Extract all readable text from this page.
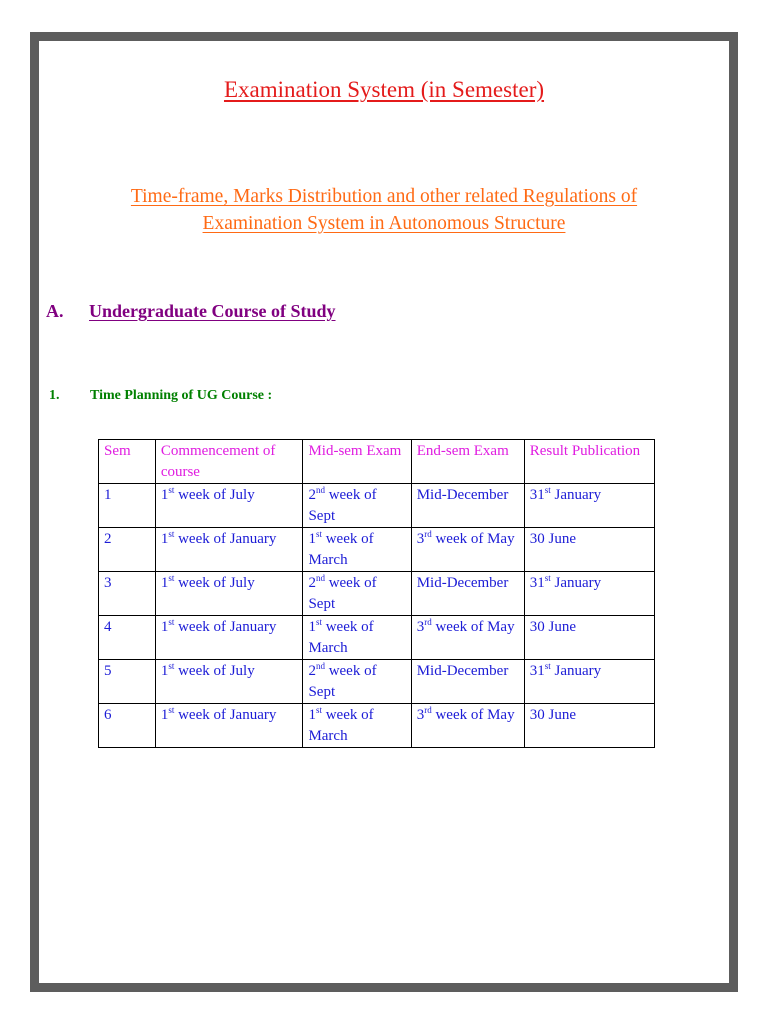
Examination System (in Semester)
Time-frame, Marks Distribution and other related Regulations of
Examination System in Autonomous Structure
A. Undergraduate Course of Study
1. Time Planning of UG Course :
Sem	Commencement of course	Mid-sem Exam	End-sem Exam	Result Publication
1	1st week of July	2nd week of Sept	Mid-December	31st January
2	1st week of January	1st week of March	3rd week of May	30 June
3	1st week of July	2nd week of Sept	Mid-December	31st January
4	1st week of January	1st week of March	3rd week of May	30 June
5	1st week of July	2nd week of Sept	Mid-December	31st January
6	1st week of January	1st week of March	3rd week of May	30 June
